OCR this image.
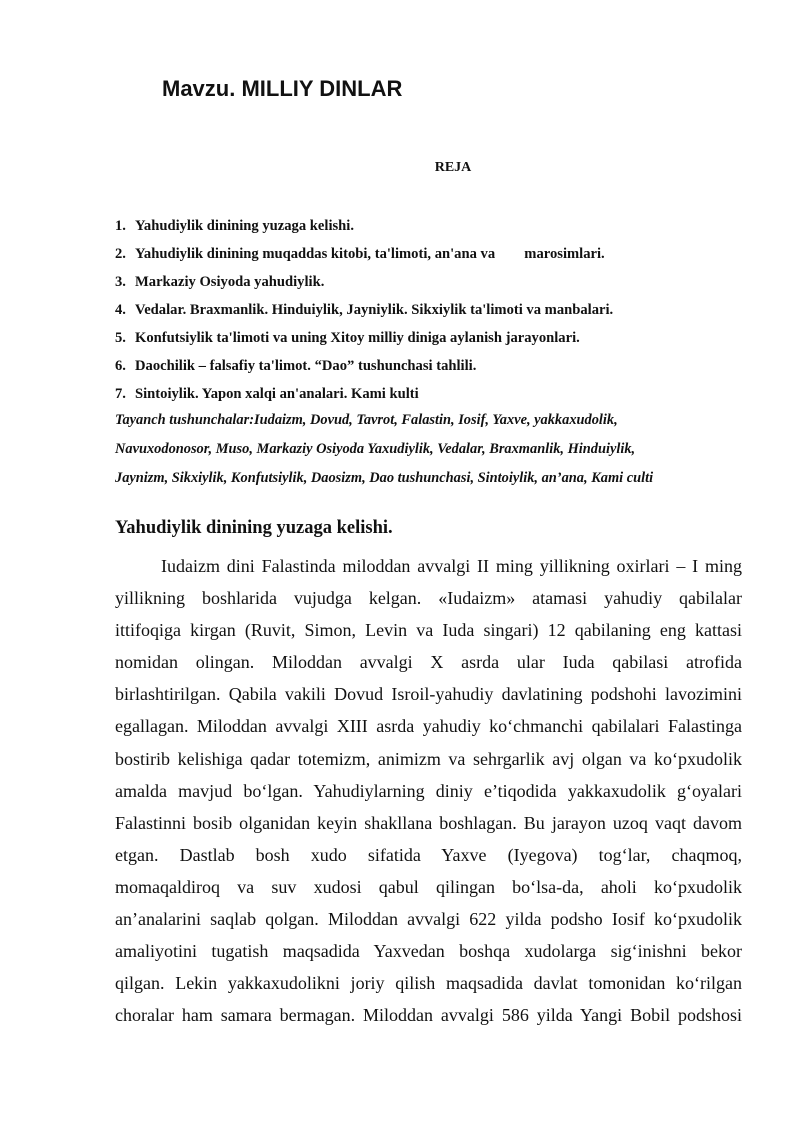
Mavzu. MILLIY DINLAR
REJA
1. Yahudiylik dinining yuzaga kelishi.
2. Yahudiylik dinining muqaddas kitobi, ta'limoti, an'ana va        marosimlari.
3. Markaziy Osiyoda yahudiylik.
4. Vedalar. Braxmanlik. Hinduiylik, Jayniylik. Sikxiylik ta'limoti va manbalari.
5. Konfutsiylik ta'limoti va uning Xitoy milliy diniga aylanish jarayonlari.
6. Daochilik – falsafiy ta'limot. “Dao” tushunchasi tahlili.
7. Sintoiylik. Yapon xalqi an'analari. Kami kulti
Tayanch tushunchalar:Iudaizm, Dovud, Tavrot, Falastin, Iosif, Yaxve, yakkaxudolik,
Navuxodonosor, Muso, Markaziy Osiyoda Yaxudiylik, Vedalar, Braxmanlik, Hinduiylik,
Jaynizm, Sikxiylik, Konfutsiylik, Daosizm, Dao tushunchasi, Sintoiylik, an’ana, Kami culti
Yahudiylik dinining yuzaga kelishi.
Iudaizm dini Falastinda miloddan avvalgi II ming yillikning oxirlari – I ming
yillikning boshlarida vujudga kelgan. «Iudaizm» atamasi yahudiy qabilalar
ittifoqiga kirgan (Ruvit, Simon, Levin va Iuda singari) 12 qabilaning eng kattasi
nomidan olingan. Miloddan avvalgi X asrda ular Iuda qabilasi atrofida
birlashtirilgan. Qabila vakili Dovud Isroil-yahudiy davlatining podshohi lavozimini
egallagan. Miloddan avvalgi XIII asrda yahudiy ko‘chmanchi qabilalari Falastinga
bostirib kelishiga qadar totemizm, animizm va sehrgarlik avj olgan va ko‘pxudolik
amalda mavjud bo‘lgan. Yahudiylarning diniy e’tiqodida yakkaxudolik g‘oyalari
Falastinni bosib olganidan keyin shakllana boshlagan. Bu jarayon uzoq vaqt davom
etgan. Dastlab bosh xudo sifatida Yaxve (Iyegova) tog‘lar, chaqmoq,
momaqaldiroq va suv xudosi qabul qilingan bo‘lsa-da, aholi ko‘pxudolik
an’analarini saqlab qolgan. Miloddan avvalgi 622 yilda podsho Iosif ko‘pxudolik
amaliyotini tugatish maqsadida Yaxvedan boshqa xudolarga sig‘inishni bekor
qilgan. Lekin yakkaxudolikni joriy qilish maqsadida davlat tomonidan ko‘rilgan
choralar ham samara bermagan. Miloddan avvalgi 586 yilda Yangi Bobil podshosi
